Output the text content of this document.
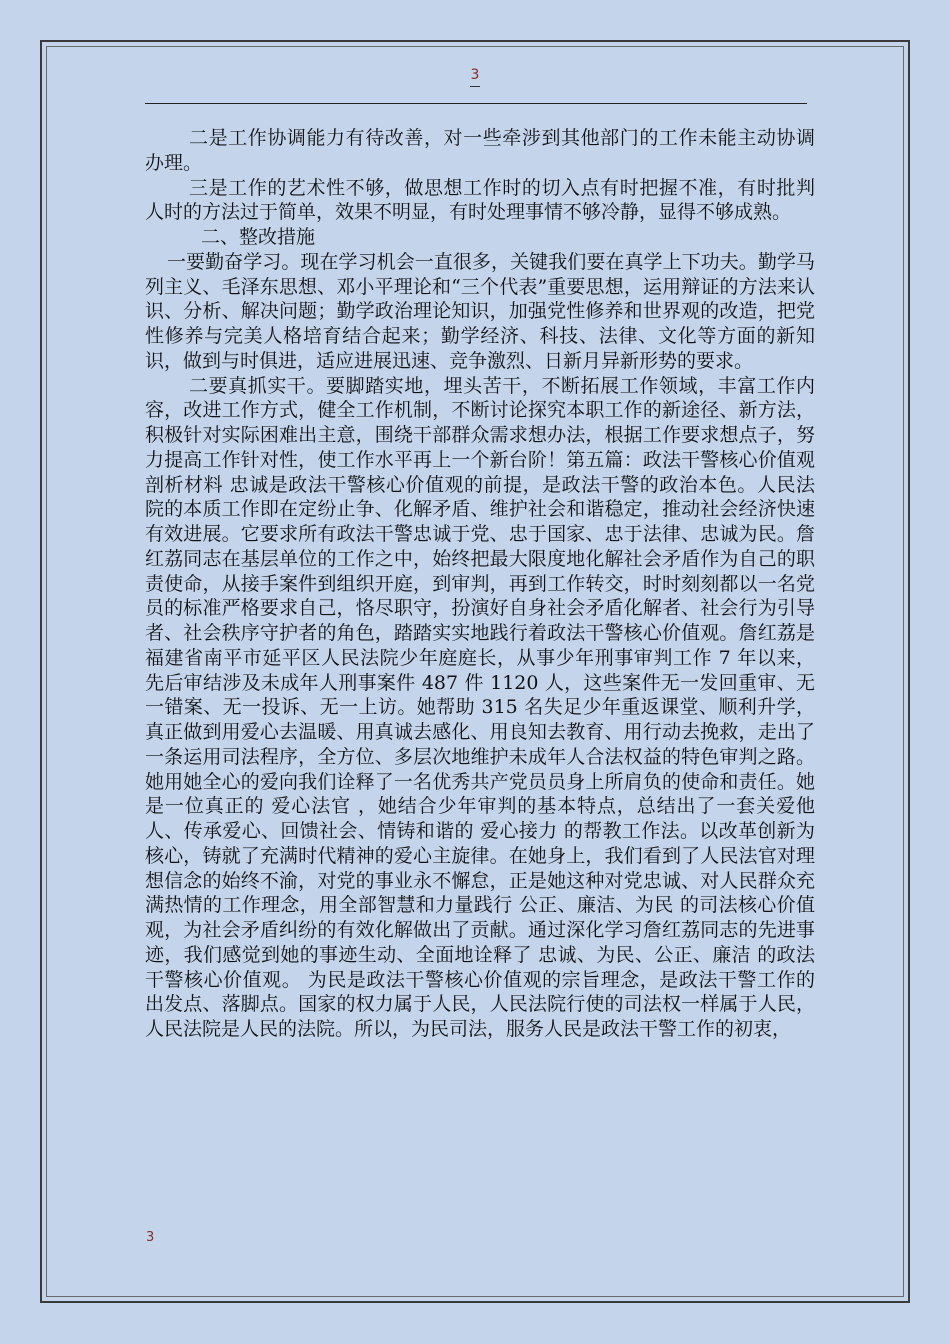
3

二是工作协调能力有待改善，对一些牵涉到其他部门的工作未能主动协调办理。

三是工作的艺术性不够，做思想工作时的切入点有时把握不准，有时批判人时的方法过于简单，效果不明显，有时处理事情不够冷静，显得不够成熟。

二、整改措施

一要勤奋学习。现在学习机会一直很多，关键我们要在真学上下功夫。勤学马列主义、毛泽东思想、邓小平理论和“三个代表”重要思想，运用辩证的方法来认识、分析、解决问题；勤学政治理论知识，加强党性修养和世界观的改造，把党性修养与完美人格培育结合起来；勤学经济、科技、法律、文化等方面的新知识，做到与时俱进，适应进展迅速、竞争激烈、日新月异新形势的要求。

二要真抓实干。要脚踏实地，埋头苦干，不断拓展工作领域，丰富工作内容，改进工作方式，健全工作机制，不断讨论探究本职工作的新途径、新方法，积极针对实际困难出主意，围绕干部群众需求想办法，根据工作要求想点子，努力提高工作针对性，使工作水平再上一个新台阶！第五篇：政法干警核心价值观剖析材料 忠诚是政法干警核心价值观的前提，是政法干警的政治本色。人民法院的本质工作即在定纷止争、化解矛盾、维护社会和谐稳定，推动社会经济快速有效进展。它要求所有政法干警忠诚于党、忠于国家、忠于法律、忠诚为民。詹红荔同志在基层单位的工作之中，始终把最大限度地化解社会矛盾作为自己的职责使命，从接手案件到组织开庭，到审判，再到工作转交，时时刻刻都以一名党员的标准严格要求自己，恪尽职守，扮演好自身社会矛盾化解者、社会行为引导者、社会秩序守护者的角色，踏踏实实地践行着政法干警核心价值观。詹红荔是福建省南平市延平区人民法院少年庭庭长，从事少年刑事审判工作 7 年以来，先后审结涉及未成年人刑事案件 487 件 1120 人，这些案件无一发回重审、无一错案、无一投诉、无一上访。她帮助 315 名失足少年重返课堂、顺利升学，真正做到用爱心去温暖、用真诚去感化、用良知去教育、用行动去挽救，走出了一条运用司法程序，全方位、多层次地维护未成年人合法权益的特色审判之路。她用她全心的爱向我们诠释了一名优秀共产党员员身上所肩负的使命和责任。她是一位真正的 爱心法官 ，她结合少年审判的基本特点，总结出了一套关爱他人、传承爱心、回馈社会、情铸和谐的 爱心接力 的帮教工作法。以改革创新为核心，铸就了充满时代精神的爱心主旋律。在她身上，我们看到了人民法官对理想信念的始终不渝，对党的事业永不懈怠，正是她这种对党忠诚、对人民群众充满热情的工作理念，用全部智慧和力量践行 公正、廉洁、为民 的司法核心价值观，为社会矛盾纠纷的有效化解做出了贡献。通过深化学习詹红荔同志的先进事迹，我们感觉到她的事迹生动、全面地诠释了 忠诚、为民、公正、廉洁 的政法干警核心价值观。 为民是政法干警核心价值观的宗旨理念，是政法干警工作的出发点、落脚点。国家的权力属于人民，人民法院行使的司法权一样属于人民，人民法院是人民的法院。所以，为民司法，服务人民是政法干警工作的初衷，

3
